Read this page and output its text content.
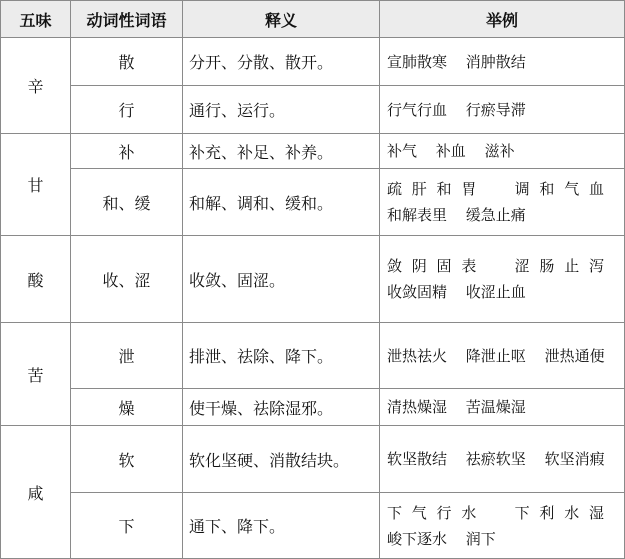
五味	动词性词语	释义	举例
辛	散	分开、分散、散开。	宣肺散寒 消肿散结
	行	通行、运行。	行气行血 行瘀导滞
甘	补	补充、补足、补养。	补气 补血 滋补
	和、缓	和解、调和、缓和。	疏肝和胃 调和气血 和解表里 缓急止痛
酸	收、涩	收敛、固涩。	敛阴固表 涩肠止泻 收敛固精 收涩止血
苦	泄	排泄、祛除、降下。	泄热祛火 降泄止呕 泄热通便
	燥	使干燥、祛除湿邪。	清热燥湿 苦温燥湿
咸	软	软化坚硬、消散结块。	软坚散结 祛瘀软坚 软坚消瘕
	下	通下、降下。	下气行水 下利水湿 峻下逐水 润下
